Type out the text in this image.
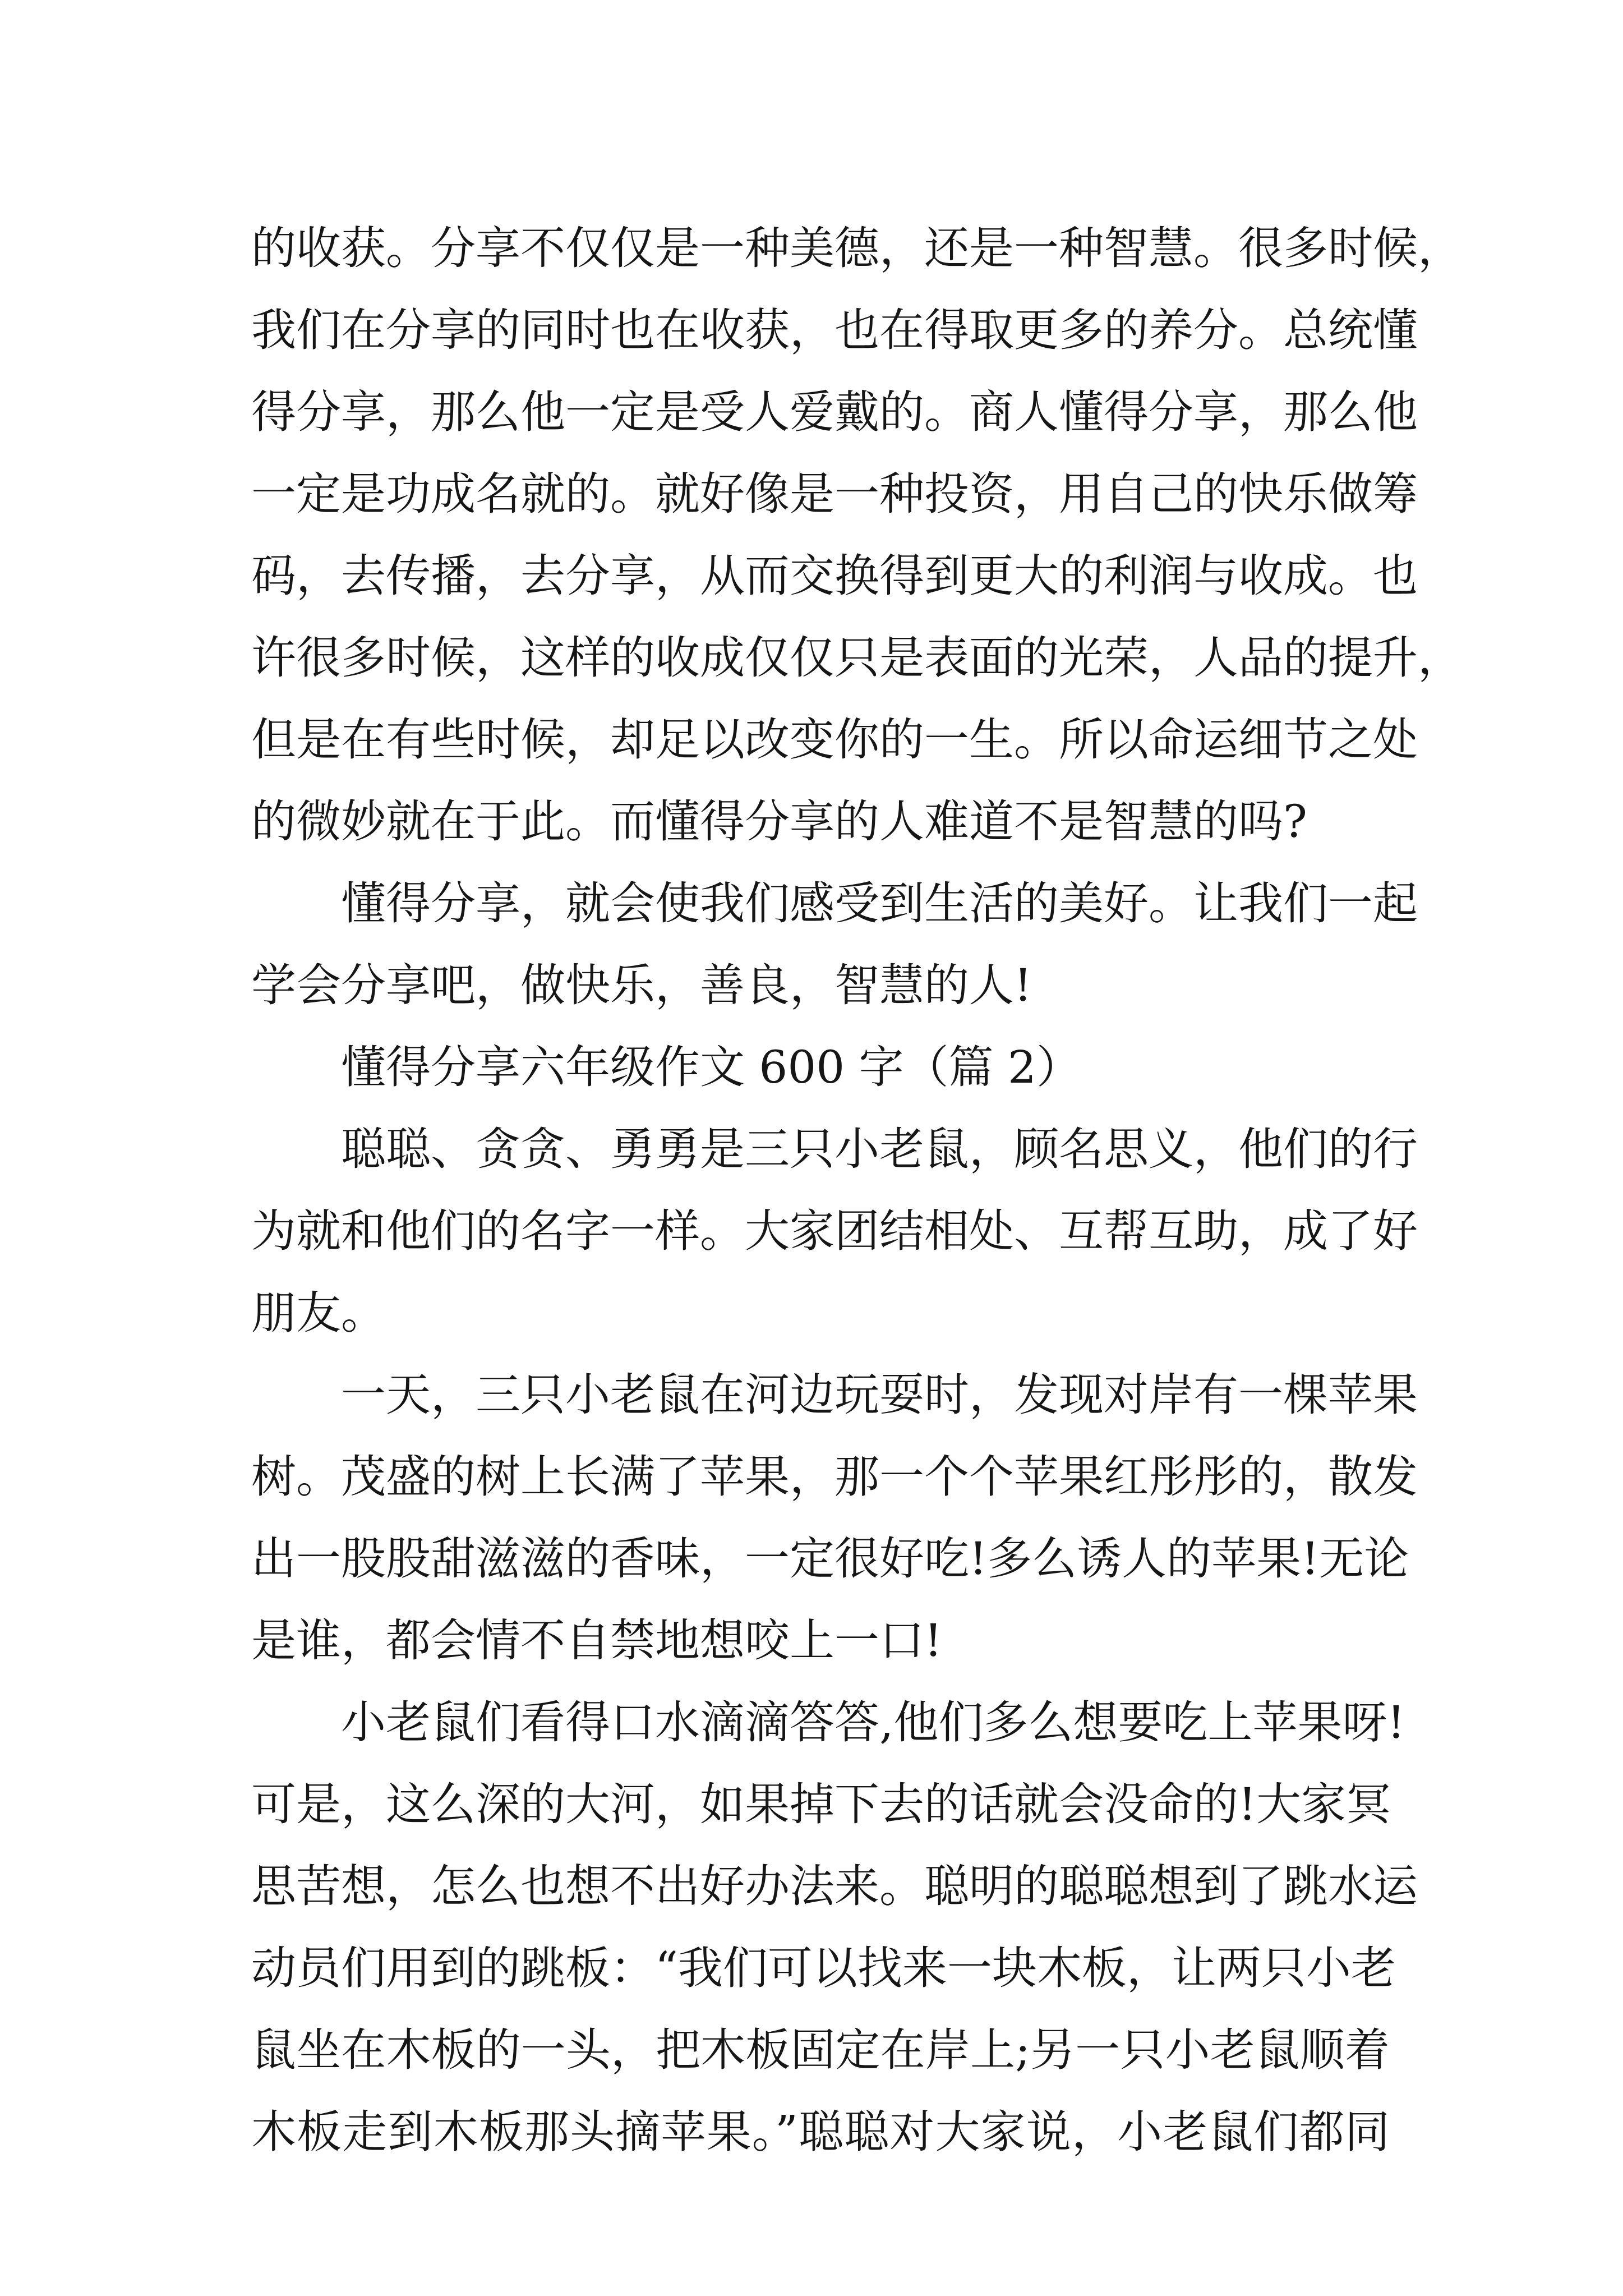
的收获。分享不仅仅是一种美德，还是一种智慧。很多时候，
我们在分享的同时也在收获，也在得取更多的养分。总统懂
得分享，那么他一定是受人爱戴的。商人懂得分享，那么他
一定是功成名就的。就好像是一种投资，用自己的快乐做筹
码，去传播，去分享，从而交换得到更大的利润与收成。也
许很多时候，这样的收成仅仅只是表面的光荣，人品的提升，
但是在有些时候，却足以改变你的一生。所以命运细节之处
的微妙就在于此。而懂得分享的人难道不是智慧的吗?
懂得分享，就会使我们感受到生活的美好。让我们一起
学会分享吧，做快乐，善良，智慧的人!
懂得分享六年级作文 600 字（篇 2）
聪聪、贪贪、勇勇是三只小老鼠，顾名思义，他们的行
为就和他们的名字一样。大家团结相处、互帮互助，成了好
朋友。
一天，三只小老鼠在河边玩耍时，发现对岸有一棵苹果
树。茂盛的树上长满了苹果，那一个个苹果红彤彤的，散发
出一股股甜滋滋的香味，一定很好吃!多么诱人的苹果!无论
是谁，都会情不自禁地想咬上一口!
小老鼠们看得口水滴滴答答,他们多么想要吃上苹果呀!
可是，这么深的大河，如果掉下去的话就会没命的!大家冥
思苦想，怎么也想不出好办法来。聪明的聪聪想到了跳水运
动员们用到的跳板：“我们可以找来一块木板，让两只小老
鼠坐在木板的一头，把木板固定在岸上;另一只小老鼠顺着
木板走到木板那头摘苹果。”聪聪对大家说，小老鼠们都同
